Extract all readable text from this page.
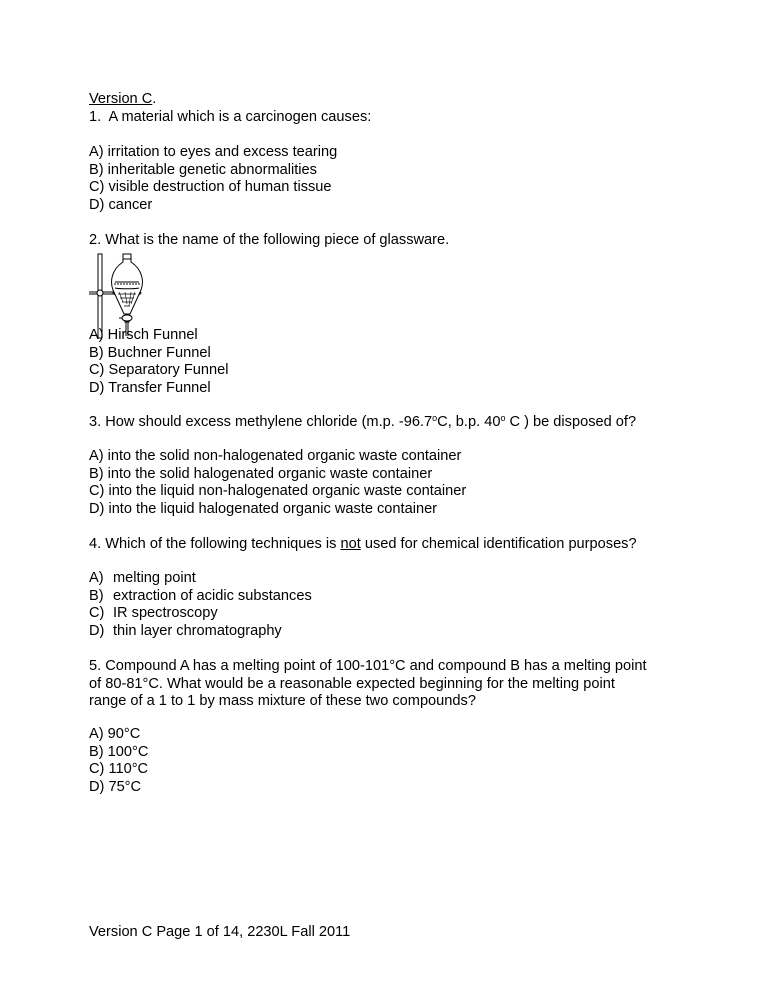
Version C.
1. A material which is a carcinogen causes:
A) irritation to eyes and excess tearing
B) inheritable genetic abnormalities
C) visible destruction of human tissue
D) cancer
2. What is the name of the following piece of glassware.
A) Hirsch Funnel
B) Buchner Funnel
C) Separatory Funnel
D) Transfer Funnel
3. How should excess methylene chloride (m.p. -96.7$^o$C, b.p. 40$^o$ C ) be disposed of?
A) into the solid non-halogenated organic waste container
B) into the solid halogenated organic waste container
C) into the liquid non-halogenated organic waste container
D) into the liquid halogenated organic waste container
4. Which of the following techniques is not used for chemical identification purposes?
A) melting point
B) extraction of acidic substances
C) IR spectroscopy
D) thin layer chromatography
5. Compound A has a melting point of 100-101°C and compound B has a melting point
of 80-81°C. What would be a reasonable expected beginning for the melting point
range of a 1 to 1 by mass mixture of these two compounds?
A) 90°C
B) 100°C
C) 110°C
D) 75°C
Version C Page 1 of 14, 2230L Fall 2011
